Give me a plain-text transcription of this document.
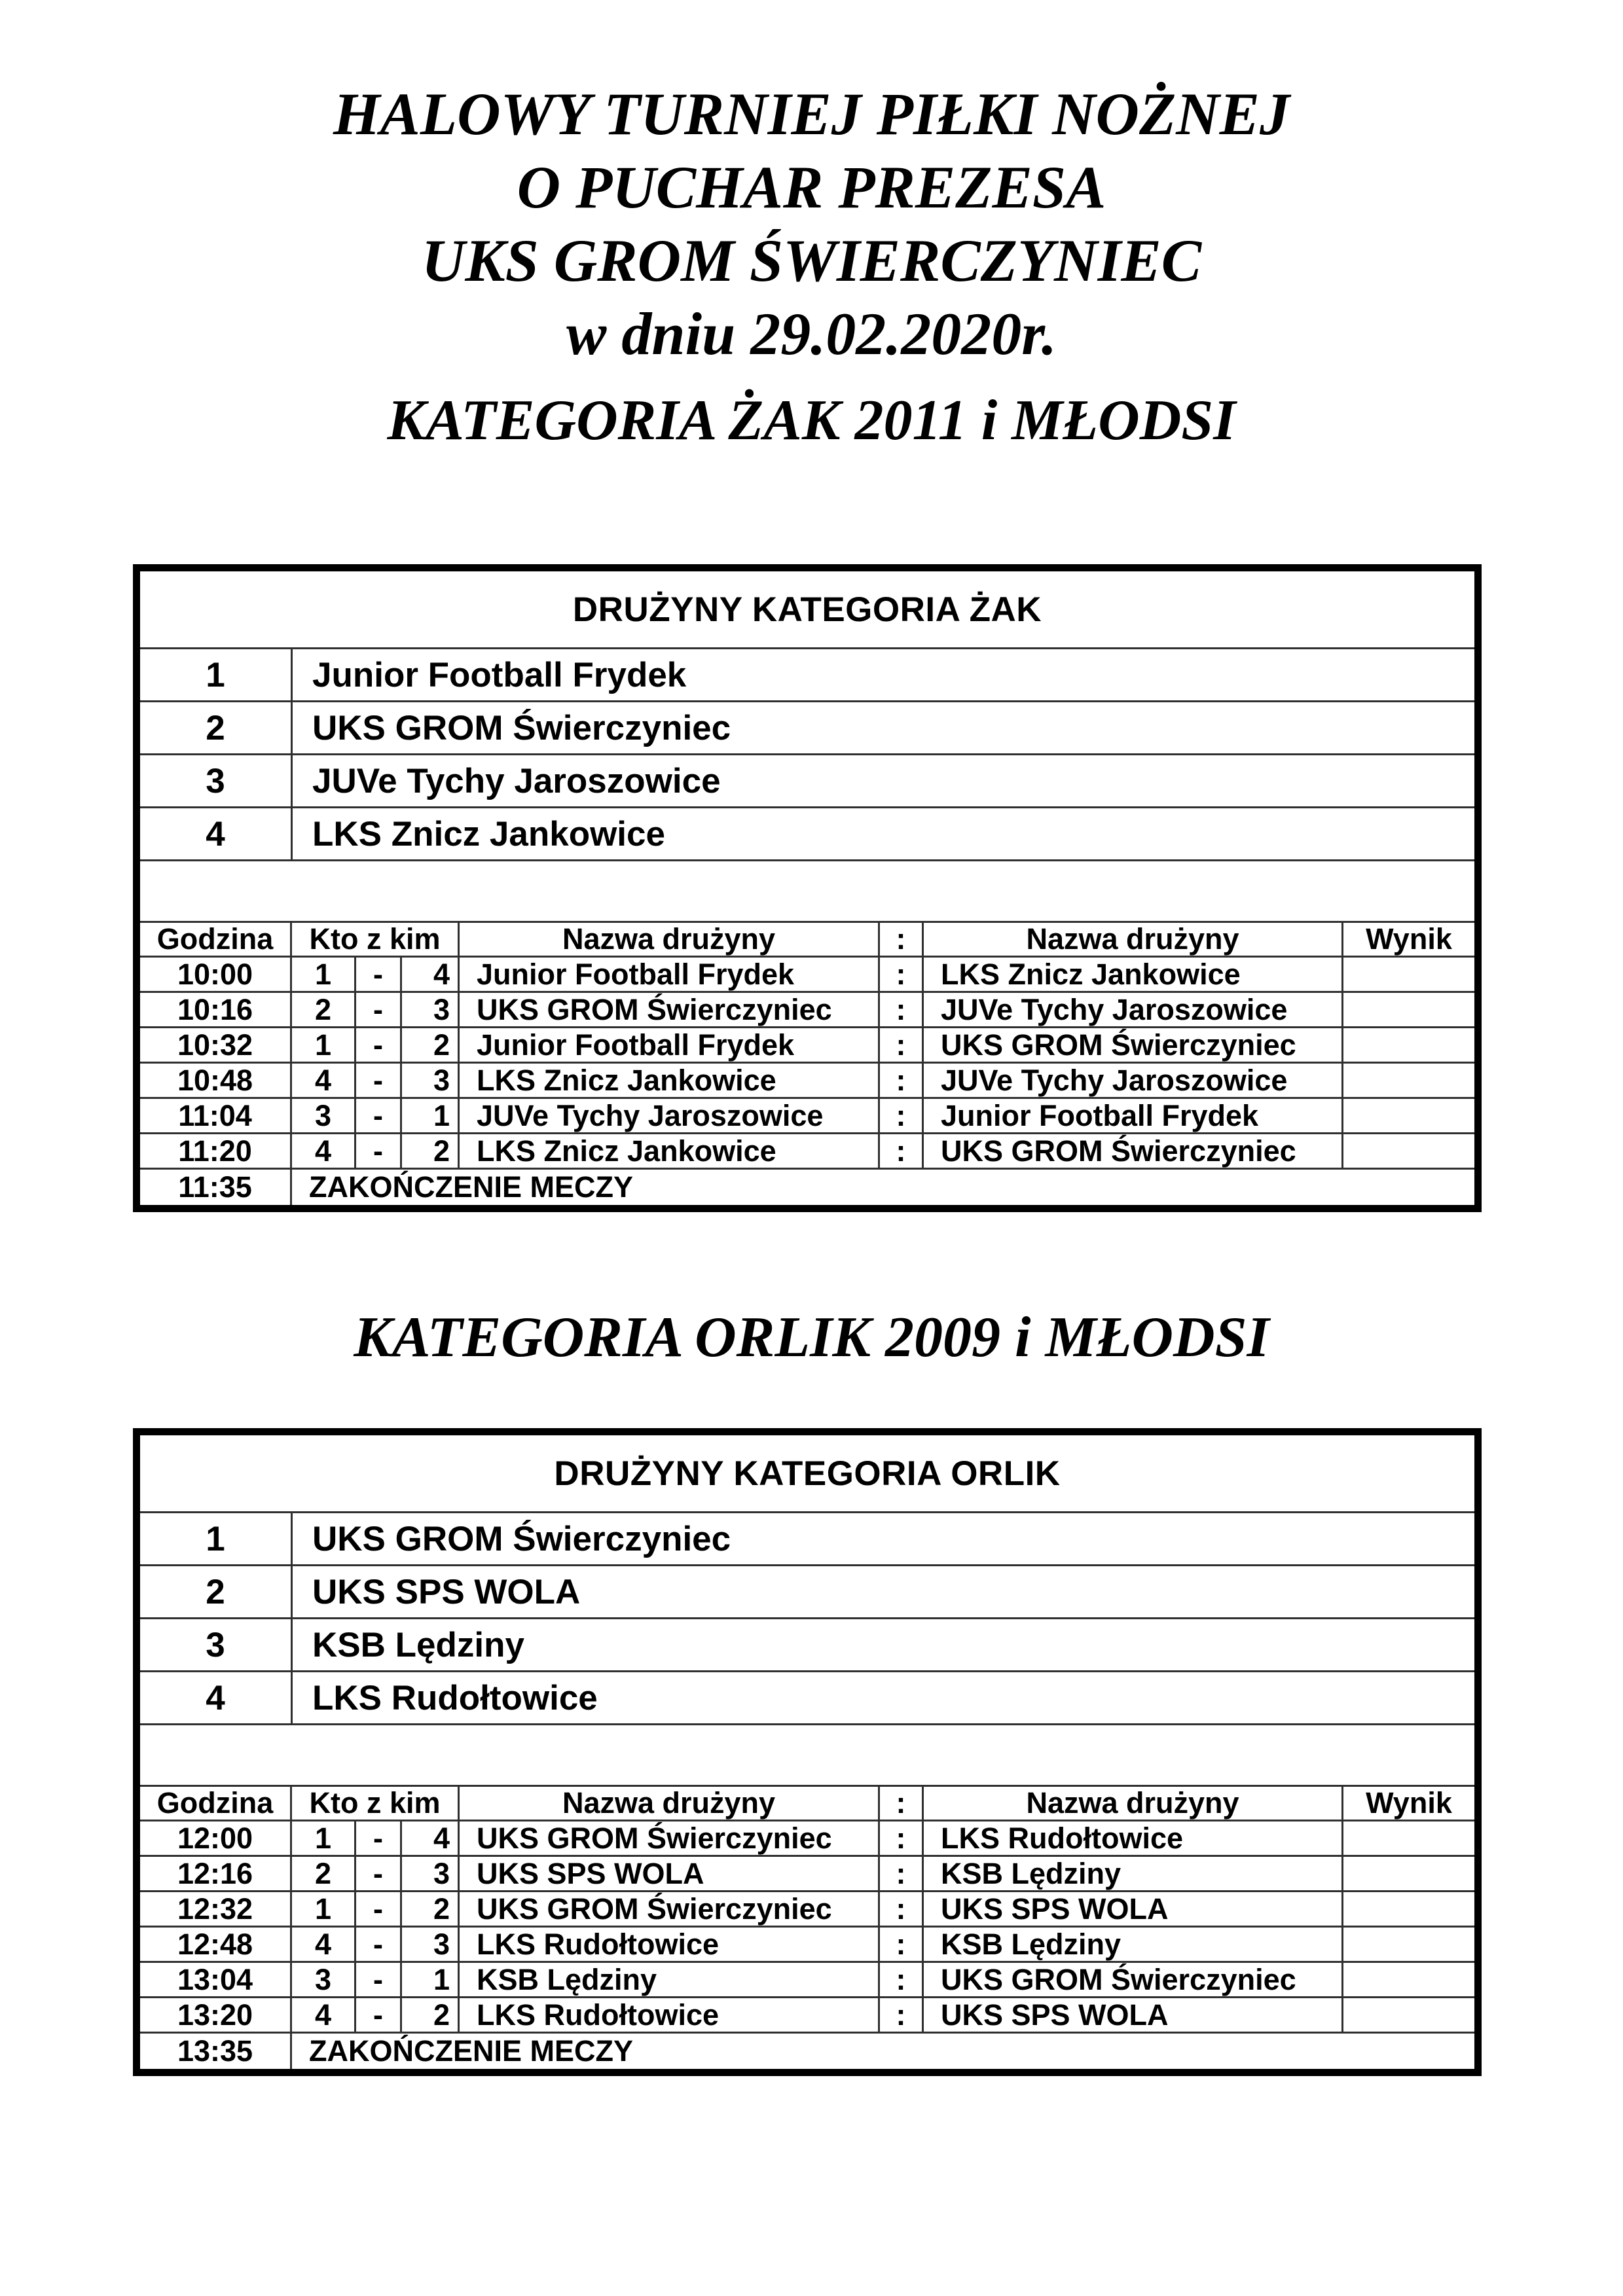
HALOWY TURNIEJ PIŁKI NOŻNEJ
O PUCHAR PREZESA
UKS GROM ŚWIERCZYNIEC
w dniu 29.02.2020r.
KATEGORIA ŻAK 2011 i MŁODSI
DRUŻYNY KATEGORIA ŻAK
1	Junior Football Frydek
2	UKS GROM Świerczyniec
3	JUVe Tychy Jaroszowice
4	LKS Znicz Jankowice
Godzina	Kto z kim	Nazwa drużyny	:	Nazwa drużyny	Wynik
10:00	1	-	4 Junior Football Frydek	:	LKS Znicz Jankowice
10:16	2	-	3 UKS GROM Świerczyniec	:	JUVe Tychy Jaroszowice
10:32	1	-	2 Junior Football Frydek	:	UKS GROM Świerczyniec
10:48	4	-	3 LKS Znicz Jankowice	:	JUVe Tychy Jaroszowice
11:04	3	-	1 JUVe Tychy Jaroszowice	:	Junior Football Frydek
11:20	4	-	2 LKS Znicz Jankowice	:	UKS GROM Świerczyniec
11:35	ZAKOŃCZENIE MECZY
KATEGORIA ORLIK 2009 i MŁODSI
DRUŻYNY KATEGORIA ORLIK
1	UKS GROM Świerczyniec
2	UKS SPS WOLA
3	KSB Lędziny
4	LKS Rudołtowice
Godzina	Kto z kim	Nazwa drużyny	:	Nazwa drużyny	Wynik
12:00	1	-	4 UKS GROM Świerczyniec	:	LKS Rudołtowice
12:16	2	-	3 UKS SPS WOLA	:	KSB Lędziny
12:32	1	-	2 UKS GROM Świerczyniec	:	UKS SPS WOLA
12:48	4	-	3 LKS Rudołtowice	:	KSB Lędziny
13:04	3	-	1 KSB Lędziny	:	UKS GROM Świerczyniec
13:20	4	-	2 LKS Rudołtowice	:	UKS SPS WOLA
13:35	ZAKOŃCZENIE MECZY
